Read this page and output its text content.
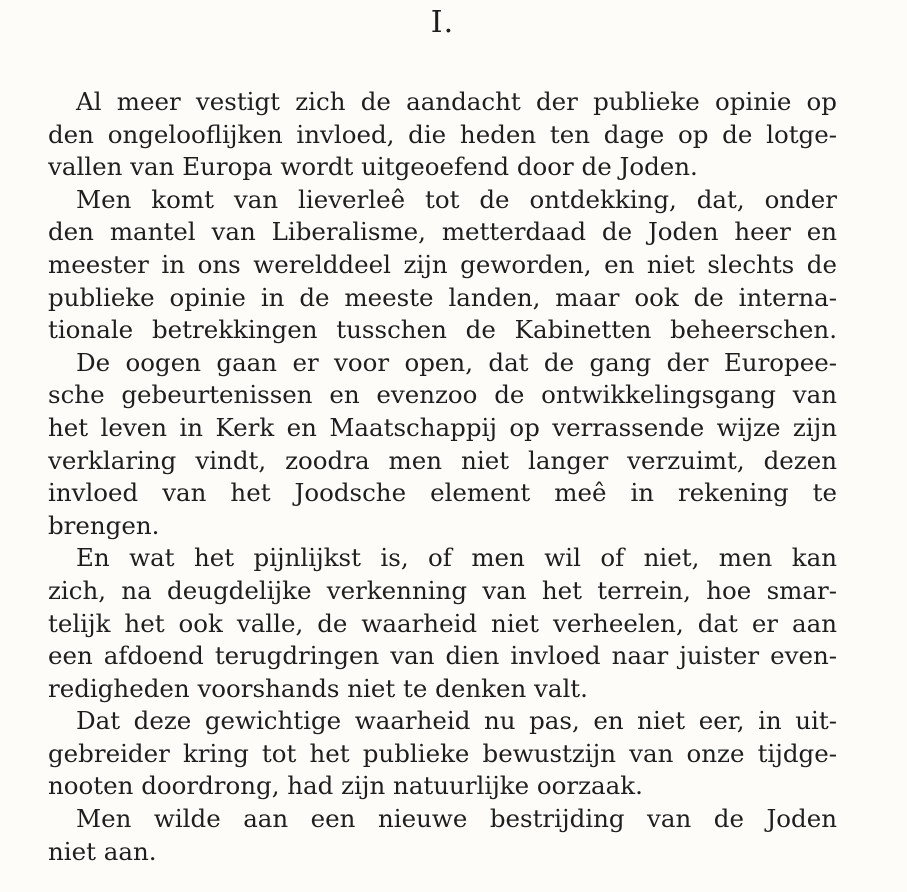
I.
Al meer vestigt zich de aandacht der publieke opinie op
den ongelooflijken invloed, die heden ten dage op de lotge-
vallen van Europa wordt uitgeoefend door de Joden.
Men komt van lieverleê tot de ontdekking, dat, onder
den mantel van Liberalisme, metterdaad de Joden heer en
meester in ons werelddeel zijn geworden, en niet slechts de
publieke opinie in de meeste landen, maar ook de interna-
tionale betrekkingen tusschen de Kabinetten beheerschen.
De oogen gaan er voor open, dat de gang der Europee-
sche gebeurtenissen en evenzoo de ontwikkelingsgang van
het leven in Kerk en Maatschappij op verrassende wijze zijn
verklaring vindt, zoodra men niet langer verzuimt, dezen
invloed van het Joodsche element meê in rekening te
brengen.
En wat het pijnlijkst is, of men wil of niet, men kan
zich, na deugdelijke verkenning van het terrein, hoe smar-
telijk het ook valle, de waarheid niet verheelen, dat er aan
een afdoend terugdringen van dien invloed naar juister even-
redigheden voorshands niet te denken valt.
Dat deze gewichtige waarheid nu pas, en niet eer, in uit-
gebreider kring tot het publieke bewustzijn van onze tijdge-
nooten doordrong, had zijn natuurlijke oorzaak.
Men wilde aan een nieuwe bestrijding van de Joden
niet aan.
